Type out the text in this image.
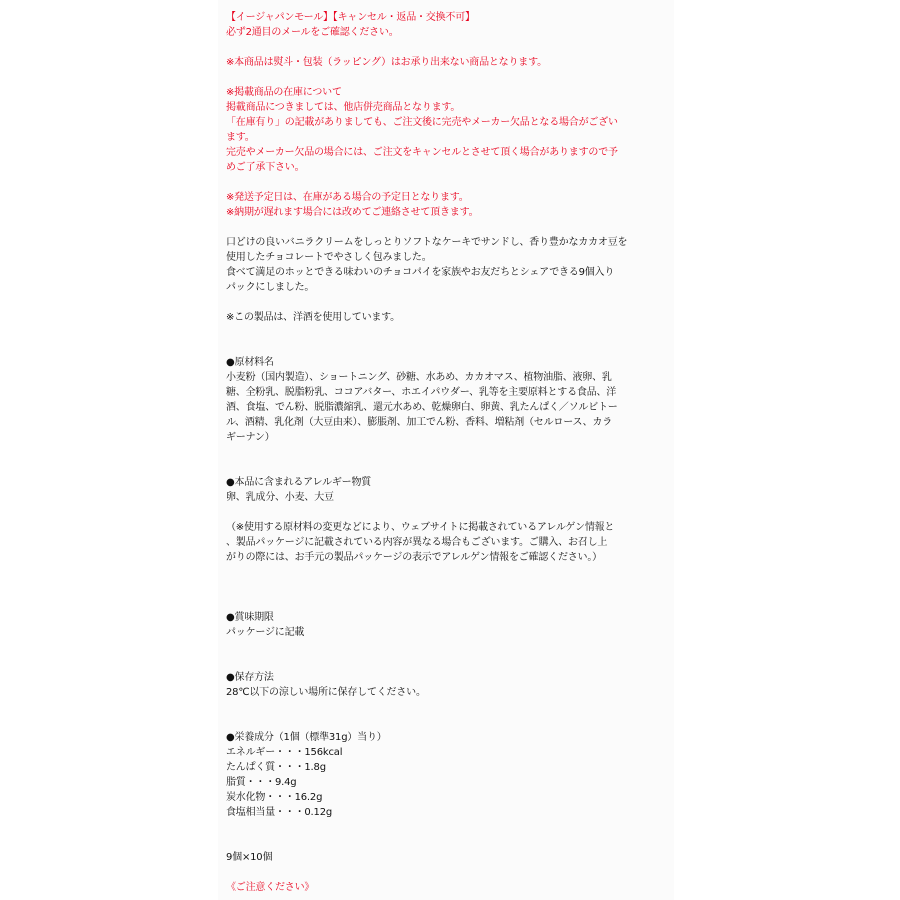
【イージャパンモール】【キャンセル・返品・交換不可】
必ず2通目のメールをご確認ください。
※本商品は熨斗・包装（ラッピング）はお承り出来ない商品となります。
※掲載商品の在庫について
掲載商品につきましては、他店併売商品となります。
「在庫有り」の記載がありましても、ご注文後に完売やメーカー欠品となる場合がござい
ます。
完売やメーカー欠品の場合には、ご注文をキャンセルとさせて頂く場合がありますので予
めご了承下さい。
※発送予定日は、在庫がある場合の予定日となります。
※納期が遅れます場合には改めてご連絡させて頂きます。
口どけの良いバニラクリームをしっとりソフトなケーキでサンドし、香り豊かなカカオ豆を
使用したチョコレートでやさしく包みました。
食べて満足のホッとできる味わいのチョコパイを家族やお友だちとシェアできる9個入り
パックにしました。
※この製品は、洋酒を使用しています。
●原材料名
小麦粉（国内製造）、ショートニング、砂糖、水あめ、カカオマス、植物油脂、液卵、乳
糖、全粉乳、脱脂粉乳、ココアバター、ホエイパウダー、乳等を主要原料とする食品、洋
酒、食塩、でん粉、脱脂濃縮乳、還元水あめ、乾燥卵白、卵黄、乳たんぱく／ソルビトー
ル、酒精、乳化剤（大豆由来）、膨脹剤、加工でん粉、香料、増粘剤（セルロース、カラ
ギーナン）
●本品に含まれるアレルギー物質
卵、乳成分、小麦、大豆
（※使用する原材料の変更などにより、ウェブサイトに掲載されているアレルゲン情報と
、製品パッケージに記載されている内容が異なる場合もございます。ご購入、お召し上
がりの際には、お手元の製品パッケージの表示でアレルゲン情報をご確認ください。）
●賞味期限
パッケージに記載
●保存方法
28℃以下の涼しい場所に保存してください。
●栄養成分（1個（標準31g）当り）
エネルギー・・・156kcal
たんぱく質・・・1.8g
脂質・・・9.4g
炭水化物・・・16.2g
食塩相当量・・・0.12g
9個×10個
《ご注意ください》
